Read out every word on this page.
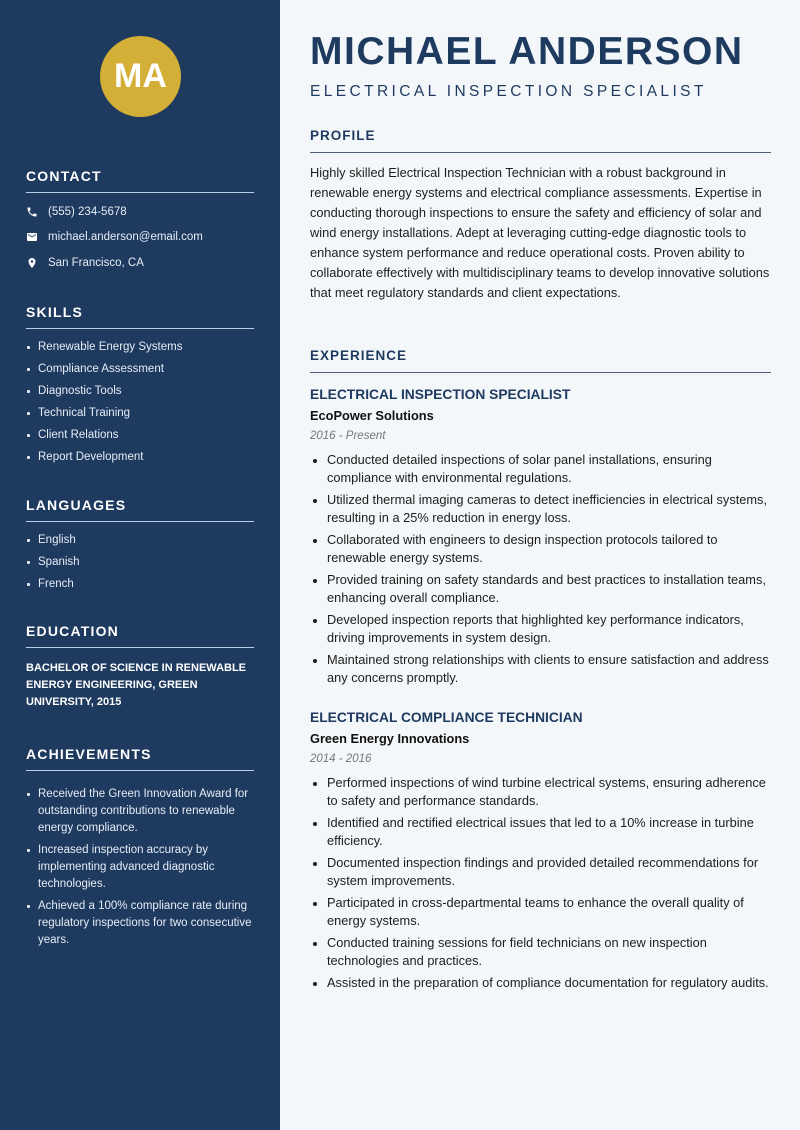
MA
CONTACT
(555) 234-5678
michael.anderson@email.com
San Francisco, CA
SKILLS
Renewable Energy Systems
Compliance Assessment
Diagnostic Tools
Technical Training
Client Relations
Report Development
LANGUAGES
English
Spanish
French
EDUCATION

BACHELOR OF SCIENCE IN RENEWABLE ENERGY ENGINEERING, GREEN UNIVERSITY, 2015

ACHIEVEMENTS
Received the Green Innovation Award for outstanding contributions to renewable energy compliance.
Increased inspection accuracy by implementing advanced diagnostic technologies.
Achieved a 100% compliance rate during regulatory inspections for two consecutive years.
MICHAEL ANDERSON
ELECTRICAL INSPECTION SPECIALIST
PROFILE

Highly skilled Electrical Inspection Technician with a robust background in renewable energy systems and electrical compliance assessments. Expertise in conducting thorough inspections to ensure the safety and efficiency of solar and wind energy installations. Adept at leveraging cutting-edge diagnostic tools to enhance system performance and reduce operational costs. Proven ability to collaborate effectively with multidisciplinary teams to develop innovative solutions that meet regulatory standards and client expectations.

EXPERIENCE
ELECTRICAL INSPECTION SPECIALIST
EcoPower Solutions
2016 - Present
Conducted detailed inspections of solar panel installations, ensuring compliance with environmental regulations.
Utilized thermal imaging cameras to detect inefficiencies in electrical systems, resulting in a 25% reduction in energy loss.
Collaborated with engineers to design inspection protocols tailored to renewable energy systems.
Provided training on safety standards and best practices to installation teams, enhancing overall compliance.
Developed inspection reports that highlighted key performance indicators, driving improvements in system design.
Maintained strong relationships with clients to ensure satisfaction and address any concerns promptly.
ELECTRICAL COMPLIANCE TECHNICIAN
Green Energy Innovations
2014 - 2016
Performed inspections of wind turbine electrical systems, ensuring adherence to safety and performance standards.
Identified and rectified electrical issues that led to a 10% increase in turbine efficiency.
Documented inspection findings and provided detailed recommendations for system improvements.
Participated in cross-departmental teams to enhance the overall quality of energy systems.
Conducted training sessions for field technicians on new inspection technologies and practices.
Assisted in the preparation of compliance documentation for regulatory audits.
